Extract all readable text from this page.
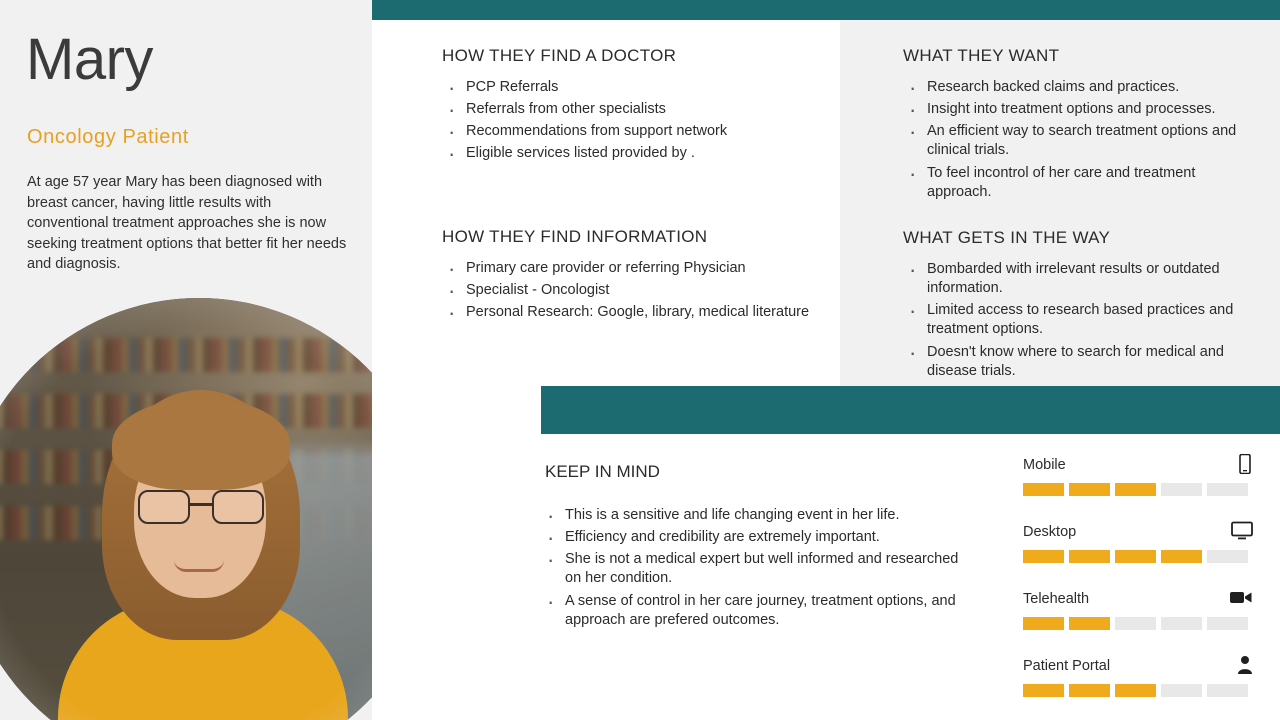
Mary
Oncology Patient
At age 57 year Mary has been diagnosed with breast cancer, having little results with conventional treatment approaches she is now seeking treatment options that better fit her needs and diagnosis.
HOW THEY FIND A DOCTOR
· PCP Referrals
· Referrals from other specialists
· Recommendations from support network
· Eligible services listed provided by .
HOW THEY FIND INFORMATION
· Primary care provider or referring Physician
· Specialist - Oncologist
· Personal Research: Google, library, medical literature
WHAT THEY WANT
· Research backed claims and practices.
· Insight into treatment options and processes.
· An efficient way to search treatment options and clinical trials.
· To feel incontrol of her care and treatment approach.
WHAT GETS IN THE WAY
· Bombarded with irrelevant results or outdated information.
· Limited access to research based practices and treatment options.
· Doesn't know where to search for medical and disease trials.
KEEP IN MIND
· This is a sensitive and life changing event in her life.
· Efficiency and credibility are extremely important.
· She is not a medical expert but well informed and researched on her condition.
· A sense of control in her care journey, treatment options, and approach are prefered outcomes.
Mobile
Desktop
Telehealth
Patient Portal
